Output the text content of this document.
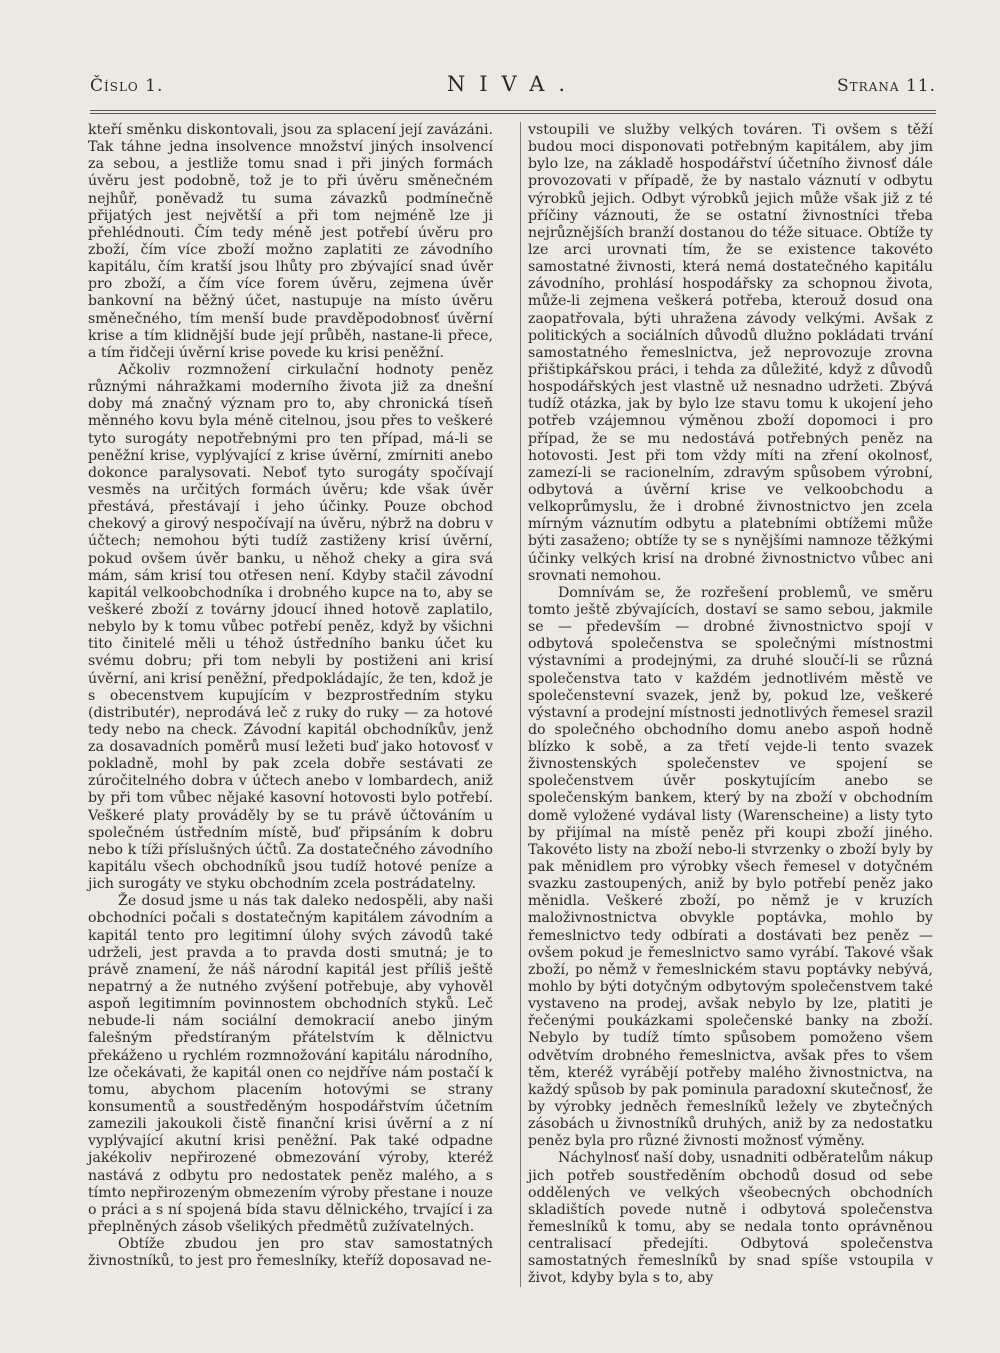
Číslo 1.	NIVA.	Strana 11.

kteří směnku diskontovali, jsou za splacení její zavázáni. Tak táhne jedna insolvence množství jiných insolvencí za sebou, a jestliže tomu snad i při jiných formách úvěru jest podobně, tož je to při úvěru směnečném nejhůř, poněvadž tu suma závazků podmínečně přijatých jest největší a při tom nejméně lze ji přehlédnouti. Čím tedy méně jest potřebí úvěru pro zboží, čím více zboží možno zaplatiti ze závodního kapitálu, čím kratší jsou lhůty pro zbývající snad úvěr pro zboží, a čím více forem úvěru, zejmena úvěr bankovní na běžný účet, nastupuje na místo úvěru směnečného, tím menší bude pravděpodobnosť úvěrní krise a tím klidnější bude její průběh, nastane-li přece, a tím řidčeji úvěrní krise povede ku krisi peněžní.

Ačkoliv rozmnožení cirkulační hodnoty peněz různými náhražkami moderního života již za dnešní doby má značný význam pro to, aby chronická tíseň měnného kovu byla méně citelnou, jsou přes to veškeré tyto surogáty nepotřebnými pro ten případ, má-li se peněžní krise, vyplývající z krise úvěrní, zmírniti anebo dokonce paralysovati. Neboť tyto surogáty spočívají vesměs na určitých formách úvěru; kde však úvěr přestává, přestávají i jeho účinky. Pouze obchod chekový a girový nespočívají na úvěru, nýbrž na dobru v účtech; nemohou býti tudíž zastiženy krisí úvěrní, pokud ovšem úvěr banku, u něhož cheky a gira svá mám, sám krisí tou otřesen není. Kdyby stačil závodní kapitál velkoobchodníka i drobného kupce na to, aby se veškeré zboží z továrny jdoucí ihned hotově zaplatilo, nebylo by k tomu vůbec potřebí peněz, když by všichni tito činitelé měli u téhož ústředního banku účet ku svému dobru; při tom nebyli by postiženi ani krisí úvěrní, ani krisí peněžní, předpokládajíc, že ten, kdož je s obecenstvem kupujícím v bezprostředním styku (distributér), neprodává leč z ruky do ruky — za hotové tedy nebo na check. Závodní kapitál obchodníkův, jenž za dosavadních poměrů musí ležeti buď jako hotovosť v pokladně, mohl by pak zcela dobře sestávati ze zúročitelného dobra v účtech anebo v lombardech, aniž by při tom vůbec nějaké kasovní hotovosti bylo potřebí. Veškeré platy prováděly by se tu právě účtováním u společném ústředním místě, buď připsáním k dobru nebo k tíži příslušných účtů. Za dostatečného závodního kapitálu všech obchodníků jsou tudíž hotové peníze a jich surogáty ve styku obchodním zcela postrádatelny.

Že dosud jsme u nás tak daleko nedospěli, aby naši obchodníci počali s dostatečným kapitálem závodním a kapitál tento pro legitimní úlohy svých závodů také udrželi, jest pravda a to pravda dosti smutná; je to právě znamení, že náš národní kapitál jest příliš ještě nepatrný a že nutného zvýšení potřebuje, aby vyhověl aspoň legitimním povinnostem obchodních styků. Leč nebude-li nám sociální demokracií anebo jiným falešným předstíraným přátelstvím k dělnictvu překáženo u rychlém rozmnožování kapitálu národního, lze očekávati, že kapitál onen co nejdříve nám postačí k tomu, abychom placením hotovými se strany konsumentů a soustředěným hospodářstvím účetním zamezili jakoukoli čistě finanční krisi úvěrní a z ní vyplývající akutní krisi peněžní. Pak také odpadne jakékoliv nepřirozené obmezování výroby, kteréž nastává z odbytu pro nedostatek peněz malého, a s tímto nepřirozeným obmezením výroby přestane i nouze o práci a s ní spojená bída stavu dělnického, trvající i za přeplněných zásob všelikých předmětů zužívatelných.

Obtíže zbudou jen pro stav samostatných živnostníků, to jest pro řemeslníky, kteříž doposavad ne-

vstoupili ve služby velkých továren. Ti ovšem s těží budou moci disponovati potřebným kapitálem, aby jim bylo lze, na základě hospodářství účetního živnosť dále provozovati v případě, že by nastalo váznutí v odbytu výrobků jejich. Odbyt výrobků jejich může však již z té příčiny váznouti, že se ostatní živnostníci třeba nejrůznějších branží dostanou do téže situace. Obtíže ty lze arci urovnati tím, že se existence takovéto samostatné živnosti, která nemá dostatečného kapitálu závodního, prohlásí hospodářsky za schopnou života, může-li zejmena veškerá potřeba, kterouž dosud ona zaopatřovala, býti uhražena závody velkými. Avšak z politických a sociálních důvodů dlužno pokládati trvání samostatného řemeslnictva, jež neprovozuje zrovna přištipkářskou práci, i tehda za důležité, když z důvodů hospodářských jest vlastně už nesnadno udržeti. Zbývá tudíž otázka, jak by bylo lze stavu tomu k ukojení jeho potřeb vzájemnou výměnou zboží dopomoci i pro případ, že se mu nedostává potřebných peněz na hotovosti. Jest při tom vždy míti na zření okolnosť, zamezí-li se racionelním, zdravým spůsobem výrobní, odbytová a úvěrní krise ve velkoobchodu a velkoprůmyslu, že i drobné živnostnictvo jen zcela mírným váznutím odbytu a platebními obtížemi může býti zasaženo; obtíže ty se s nynějšími namnoze těžkými účinky velkých krisí na drobné živnostnictvo vůbec ani srovnati nemohou.

Domnívám se, že rozřešení problemů, ve směru tomto ještě zbývajících, dostaví se samo sebou, jakmile se — především — drobné živnostnictvo spojí v odbytová společenstva se společnými místnostmi výstavními a prodejnými, za druhé sloučí-li se různá společenstva tato v každém jednotlivém městě ve společenstevní svazek, jenž by, pokud lze, veškeré výstavní a prodejní místnosti jednotlivých řemesel srazil do společného obchodního domu anebo aspoň hodně blízko k sobě, a za třetí vejde-li tento svazek živnostenských společenstev ve spojení se společenstvem úvěr poskytujícím anebo se společenským bankem, který by na zboží v obchodním domě vyložené vydával listy (Warenscheine) a listy tyto by přijímal na místě peněz při koupi zboží jiného. Takovéto listy na zboží nebo-li stvrzenky o zboží byly by pak měnidlem pro výrobky všech řemesel v dotyčném svazku zastoupených, aniž by bylo potřebí peněz jako měnidla. Veškeré zboží, po němž je v kruzích maloživnostnictva obvykle poptávka, mohlo by řemeslnictvo tedy odbírati a dostávati bez peněz — ovšem pokud je řemeslnictvo samo vyrábí. Takové však zboží, po němž v řemeslnickém stavu poptávky nebývá, mohlo by býti dotyčným odbytovým společenstvem také vystaveno na prodej, avšak nebylo by lze, platiti je řečenými poukázkami společenské banky na zboží. Nebylo by tudíž tímto spůsobem pomoženo všem odvětvím drobného řemeslnictva, avšak přes to všem těm, kteréž vyrábějí potřeby malého živnostnictva, na každý spůsob by pak pominula paradoxní skutečnosť, že by výrobky jedněch řemeslníků ležely ve zbytečných zásobách u živnostníků druhých, aniž by za nedostatku peněz byla pro různé živnosti možnosť výměny.

Náchylnosť naší doby, usnadniti odběratelům nákup jich potřeb soustředěním obchodů dosud od sebe oddělených ve velkých všeobecných obchodních skladištích povede nutně i odbytová společenstva řemeslníků k tomu, aby se nedala tonto oprávněnou centralisací předejíti. Odbytová společenstva samostatných řemeslníků by snad spíše vstoupila v život, kdyby byla s to, aby
